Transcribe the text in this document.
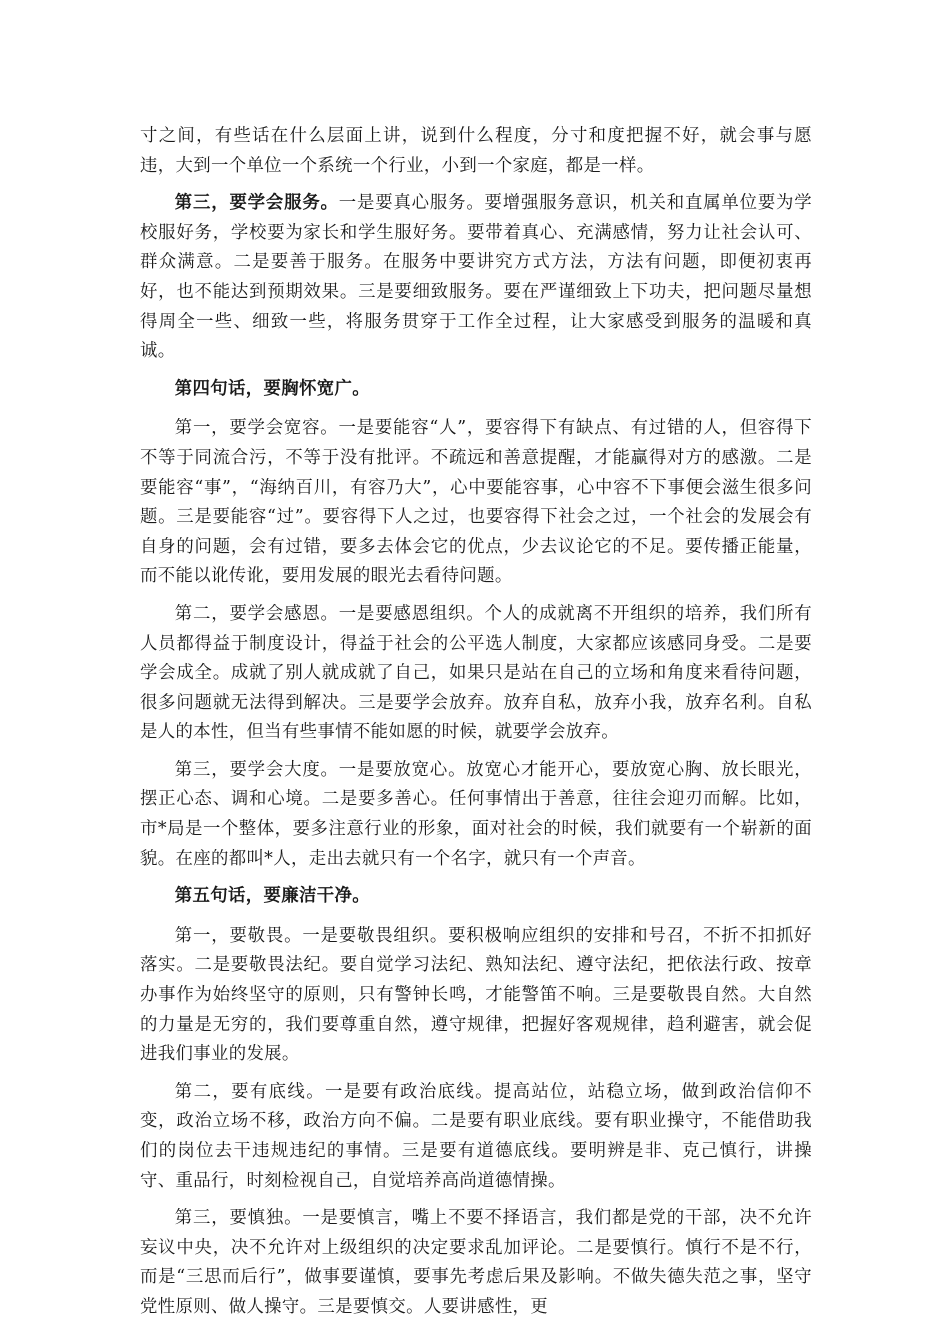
寸之间，有些话在什么层面上讲，说到什么程度，分寸和度把握不好，就会事与愿违，大到一个单位一个系统一个行业，小到一个家庭，都是一样。

第三，要学会服务。一是要真心服务。要增强服务意识，机关和直属单位要为学校服好务，学校要为家长和学生服好务。要带着真心、充满感情，努力让社会认可、群众满意。二是要善于服务。在服务中要讲究方式方法，方法有问题，即便初衷再好，也不能达到预期效果。三是要细致服务。要在严谨细致上下功夫，把问题尽量想得周全一些、细致一些，将服务贯穿于工作全过程，让大家感受到服务的温暖和真诚。

第四句话，要胸怀宽广。

第一，要学会宽容。一是要能容“人”，要容得下有缺点、有过错的人，但容得下不等于同流合污，不等于没有批评。不疏远和善意提醒，才能赢得对方的感激。二是要能容“事”，“海纳百川，有容乃大”，心中要能容事，心中容不下事便会滋生很多问题。三是要能容“过”。要容得下人之过，也要容得下社会之过，一个社会的发展会有自身的问题，会有过错，要多去体会它的优点，少去议论它的不足。要传播正能量，而不能以讹传讹，要用发展的眼光去看待问题。

第二，要学会感恩。一是要感恩组织。个人的成就离不开组织的培养，我们所有人员都得益于制度设计，得益于社会的公平选人制度，大家都应该感同身受。二是要学会成全。成就了别人就成就了自己，如果只是站在自己的立场和角度来看待问题，很多问题就无法得到解决。三是要学会放弃。放弃自私，放弃小我，放弃名利。自私是人的本性，但当有些事情不能如愿的时候，就要学会放弃。

第三，要学会大度。一是要放宽心。放宽心才能开心，要放宽心胸、放长眼光，摆正心态、调和心境。二是要多善心。任何事情出于善意，往往会迎刃而解。比如，市*局是一个整体，要多注意行业的形象，面对社会的时候，我们就要有一个崭新的面貌。在座的都叫*人，走出去就只有一个名字，就只有一个声音。

第五句话，要廉洁干净。

第一，要敬畏。一是要敬畏组织。要积极响应组织的安排和号召，不折不扣抓好落实。二是要敬畏法纪。要自觉学习法纪、熟知法纪、遵守法纪，把依法行政、按章办事作为始终坚守的原则，只有警钟长鸣，才能警笛不响。三是要敬畏自然。大自然的力量是无穷的，我们要尊重自然，遵守规律，把握好客观规律，趋利避害，就会促进我们事业的发展。

第二，要有底线。一是要有政治底线。提高站位，站稳立场，做到政治信仰不变，政治立场不移，政治方向不偏。二是要有职业底线。要有职业操守，不能借助我们的岗位去干违规违纪的事情。三是要有道德底线。要明辨是非、克己慎行，讲操守、重品行，时刻检视自己，自觉培养高尚道德情操。

第三，要慎独。一是要慎言，嘴上不要不择语言，我们都是党的干部，决不允许妄议中央，决不允许对上级组织的决定要求乱加评论。二是要慎行。慎行不是不行，而是“三思而后行”，做事要谨慎，要事先考虑后果及影响。不做失德失范之事，坚守党性原则、做人操守。三是要慎交。人要讲感性，更
